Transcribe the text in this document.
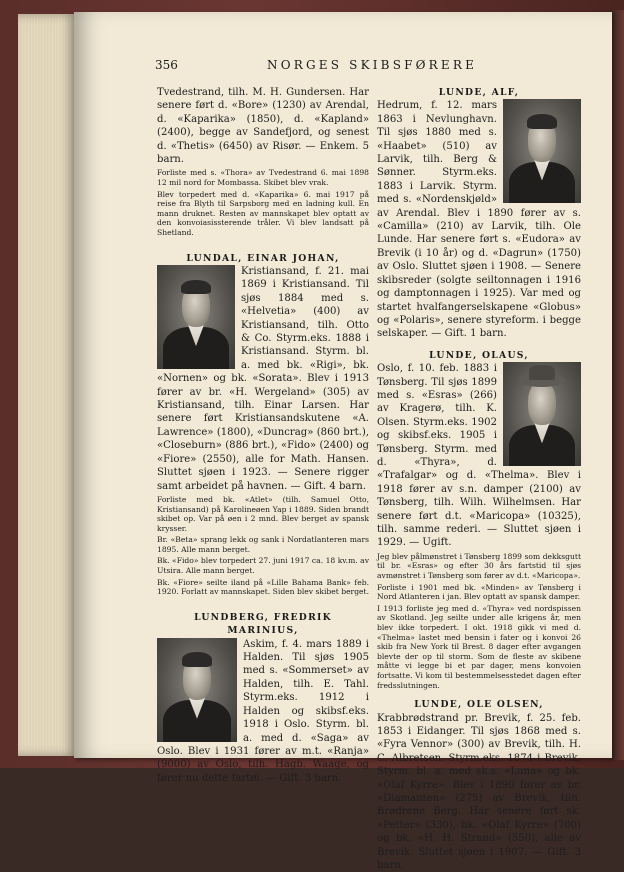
356	NORGES SKIBSFØRERE

Tvedestrand, tilh. M. H. Gundersen. Har senere ført d. «Bore» (1230) av Arendal, d. «Kaparika» (1850), d. «Kapland» (2400), begge av Sandefjord, og senest d. «Thetis» (6450) av Risør. — Enkem. 5 barn.

Forliste med s. «Thora» av Tvedestrand 6. mai 1898 12 mil nord for Mombassa. Skibet blev vrak.

Blev torpedert med d. «Kaparika» 6. mai 1917 på reise fra Blyth til Sarpsborg med en ladning kull. En mann druknet. Resten av mannskapet blev optatt av den konvoiasissterende tråler. Vi blev landsatt på Shetland.

LUNDAL, EINAR JOHAN,

Kristiansand, f. 21. mai 1869 i Kristiansand. Til sjøs 1884 med s. «Helvetia» (400) av Kristiansand, tilh. Otto & Co. Styrm.eks. 1888 i Kristiansand. Styrm. bl. a. med bk. «Rigi», bk. «Nornen» og bk. «Sorata». Blev i 1913 fører av br. «H. Wergeland» (305) av Kristiansand, tilh. Einar Larsen. Har senere ført Kristiansandskutene «A. Lawrence» (1800), «Duncrag» (860 brt.), «Closeburn» (886 brt.), «Fido» (2400) og «Fiore» (2550), alle for Math. Hansen. Sluttet sjøen i 1923. — Senere rigger samt arbeidet på havnen. — Gift. 4 barn.

Forliste med bk. «Atlet» (tilh. Samuel Otto, Kristiansand) på Karolineøen Yap i 1889. Siden brandt skibet op. Var på øen i 2 mnd. Blev berget av spansk krysser.

Br. «Beta» sprang lekk og sank i Nordatlanteren mars 1895. Alle mann berget.

Bk. «Fido» blev torpedert 27. juni 1917 ca. 18 kv.m. av Utsira. Alle mann berget.

Bk. «Fiore» seilte iland på «Lille Bahama Bank» feb. 1920. Forlatt av mannskapet. Siden blev skibet berget.

LUNDBERG, FREDRIK MARINIUS,

Askim, f. 4. mars 1889 i Halden. Til sjøs 1905 med s. «Sommerset» av Halden, tilh. E. Tahl. Styrm.eks. 1912 i Halden og skibsf.eks. 1918 i Oslo. Styrm. bl. a. med d. «Saga» av Oslo. Blev i 1931 fører av m.t. «Ranja» (9000) av Oslo, tilh. Hagb. Waage, og fører nu dette fartøi. — Gift. 3 barn.

LUNDE, ALF,

Hedrum, f. 12. mars 1863 i Nevlunghavn. Til sjøs 1880 med s. «Haabet» (510) av Larvik, tilh. Berg & Sønner. Styrm.eks. 1883 i Larvik. Styrm. med s. «Nordenskjøld» av Arendal. Blev i 1890 fører av s. «Camilla» (210) av Larvik, tilh. Ole Lunde. Har senere ført s. «Eudora» av Brevik (i 10 år) og d. «Dagrun» (1750) av Oslo. Sluttet sjøen i 1908. — Senere skibsreder (solgte seiltonnagen i 1916 og damptonnagen i 1925). Var med og startet hvalfangerselskapene «Globus» og «Polaris», senere styreform. i begge selskaper. — Gift. 1 barn.

LUNDE, OLAUS,

Oslo, f. 10. feb. 1883 i Tønsberg. Til sjøs 1899 med s. «Esras» (266) av Kragerø, tilh. K. Olsen. Styrm.eks. 1902 og skibsf.eks. 1905 i Tønsberg. Styrm. med d. «Thyra», d. «Trafalgar» og d. «Thelma». Blev i 1918 fører av s.n. damper (2100) av Tønsberg, tilh. Wilh. Wilhelmsen. Har senere ført d.t. «Maricopa» (10325), tilh. samme rederi. — Sluttet sjøen i 1929. — Ugift.

Jeg blev pålmønstret i Tønsberg 1899 som dekksgutt til br. «Esras» og efter 30 års fartstid til sjøs avmønstret i Tønsberg som fører av d.t. «Maricopa».

Forliste i 1901 med bk. «Minden» av Tønsberg i Nord Atlanteren i jan. Blev optatt av spansk damper.

I 1913 forliste jeg med d. «Thyra» ved nordspissen av Skotland. Jeg seilte under alle krigens år, men blev ikke torpedert. I okt. 1918 gikk vi med d. «Thelma» lastet med bensin i fater og i konvoi 26 skib fra New York til Brest. 8 dager efter avgangen blevte der op til storm. Som de fleste av skibene måtte vi legge bi et par dager, mens konvoien fortsatte. Vi kom til bestemmelsesstedet dagen efter fredsslutningen.

LUNDE, OLE OLSEN,

Krabbrødstrand pr. Brevik, f. 25. feb. 1853 i Eidanger. Til sjøs 1868 med s. «Fyra Vennor» (300) av Brevik, tilh. H. C. Albretsen. Styrm.eks. 1874 i Brevik. Styrm. bl. a. med sk.s. «Luna» og bk. «Olaf Kyrre». Blev i 1890 fører av br. «Diamanten» (275) av Brevik, tilh. Brødrene Berg. Har senere ført sk. «Petter» (330), bk. «Olaf Kyrre» (700) og bk. «H. H. Strand» (550), alle av Brevik. Sluttet sjøen i 1907. — Gift. 3 barn.
